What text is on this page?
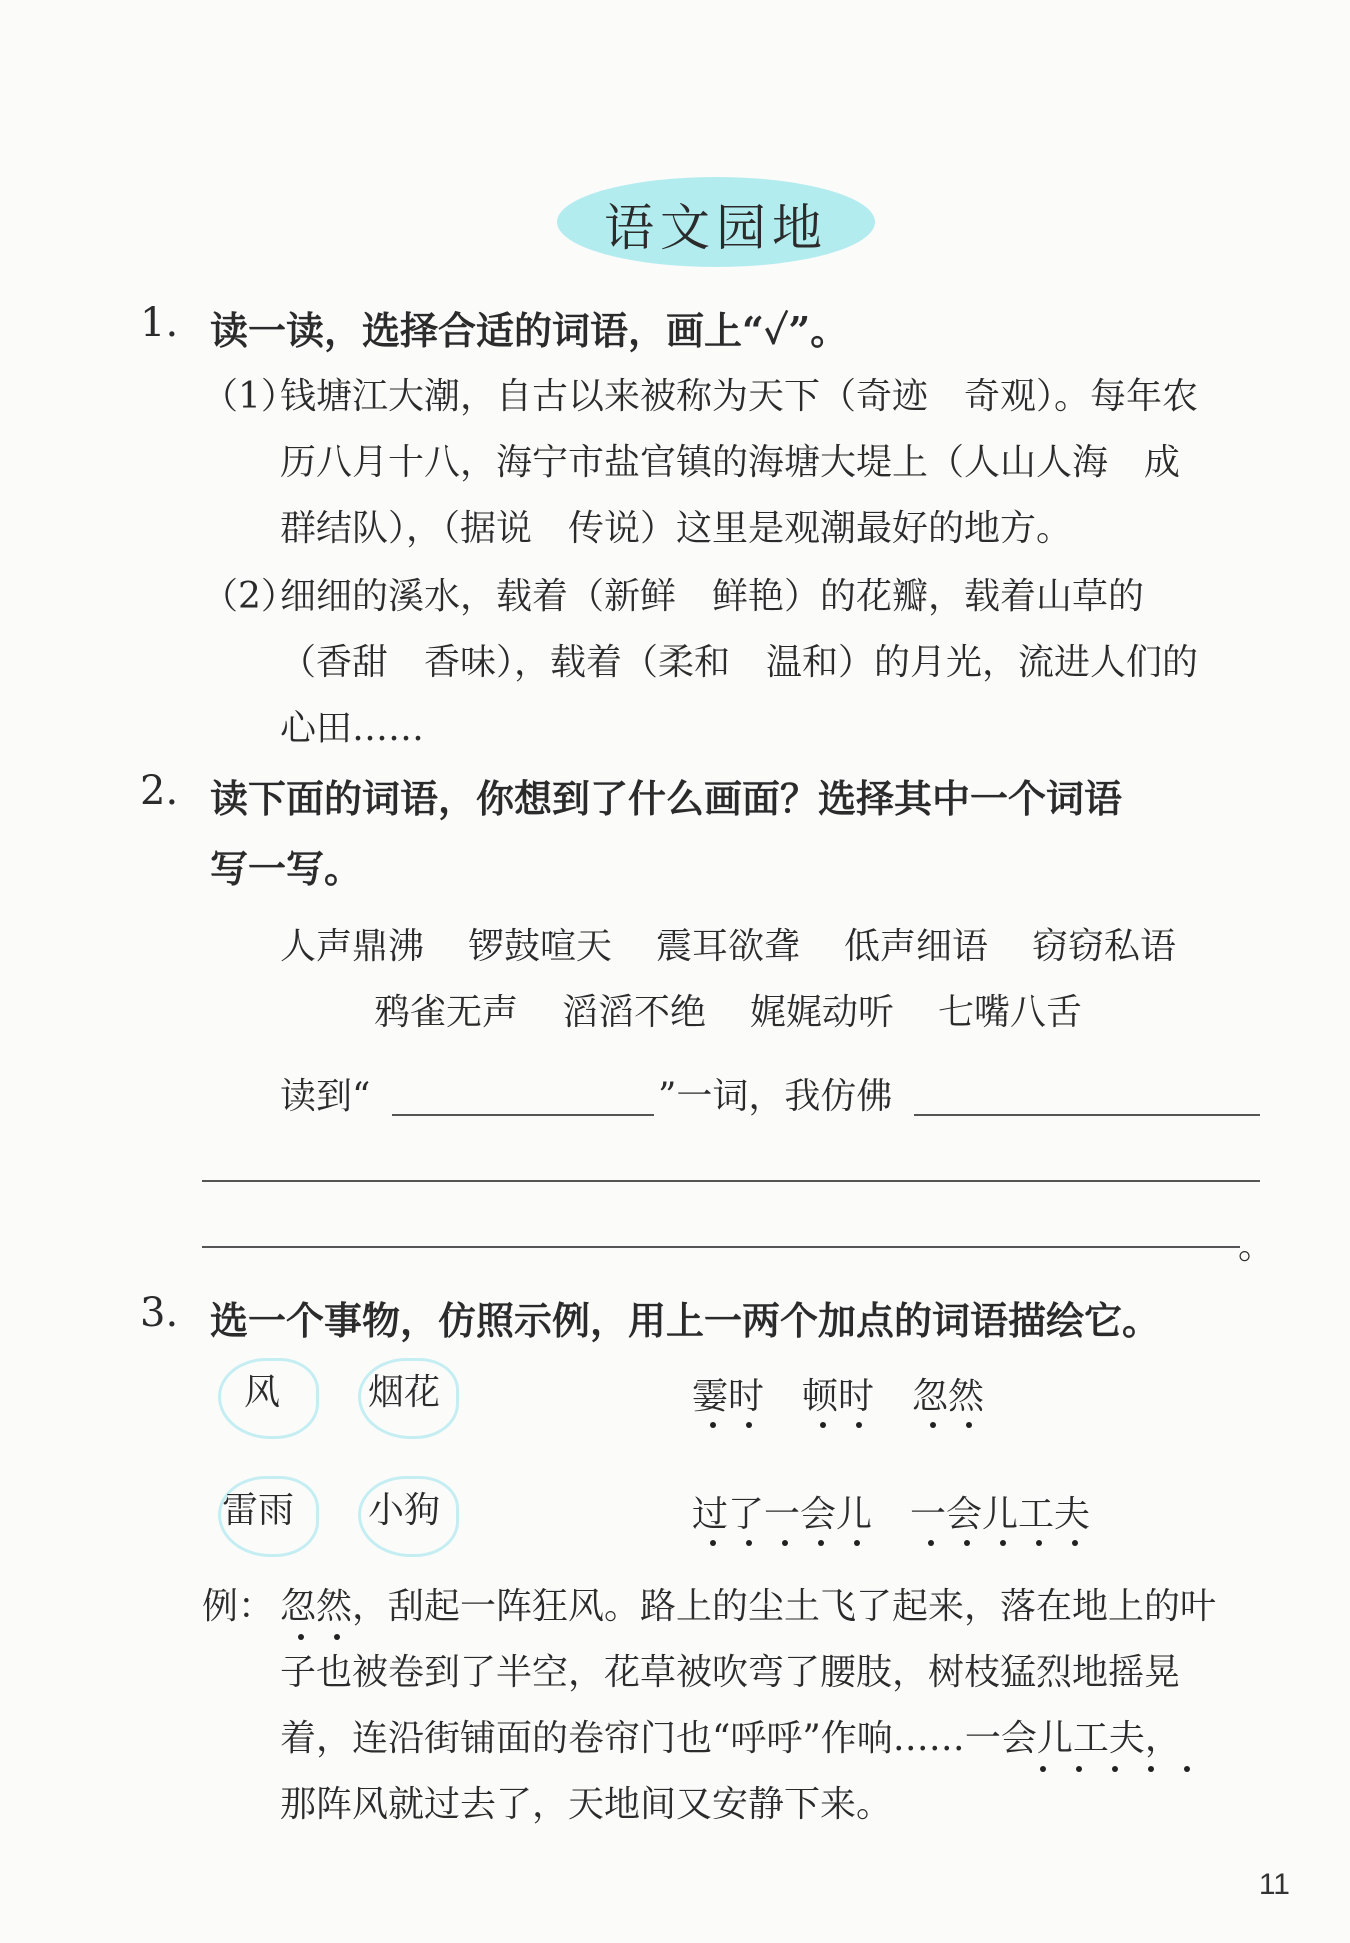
语文园地
1. 读一读，选择合适的词语，画上“✓”。
（1）
钱塘江大潮，自古以来被称为天下（奇迹　奇观）。每年农
历八月十八，海宁市盐官镇的海塘大堤上（人山人海　成
群结队），（据说　传说）这里是观潮最好的地方。
（2）
细细的溪水，载着（新鲜　鲜艳）的花瓣，载着山草的
（香甜　香味），载着（柔和　温和）的月光，流进人们的
心田……
2. 读下面的词语，你想到了什么画面？选择其中一个词语
写一写。
人声鼎沸 锣鼓喧天 震耳欲聋 低声细语 窃窃私语
鸦雀无声 滔滔不绝 娓娓动听 七嘴八舌
读到“	”一词，我仿佛
。
3. 选一个事物，仿照示例，用上一两个加点的词语描绘它。
风 烟花
雷雨 小狗
霎时 顿时 忽然
过了一会儿 一会儿工夫
例： 忽然，刮起一阵狂风。路上的尘土飞了起来，落在地上的叶
子也被卷到了半空，花草被吹弯了腰肢，树枝猛烈地摇晃
着，连沿街铺面的卷帘门也“呼呼”作响……一会儿工夫，
那阵风就过去了，天地间又安静下来。
11
